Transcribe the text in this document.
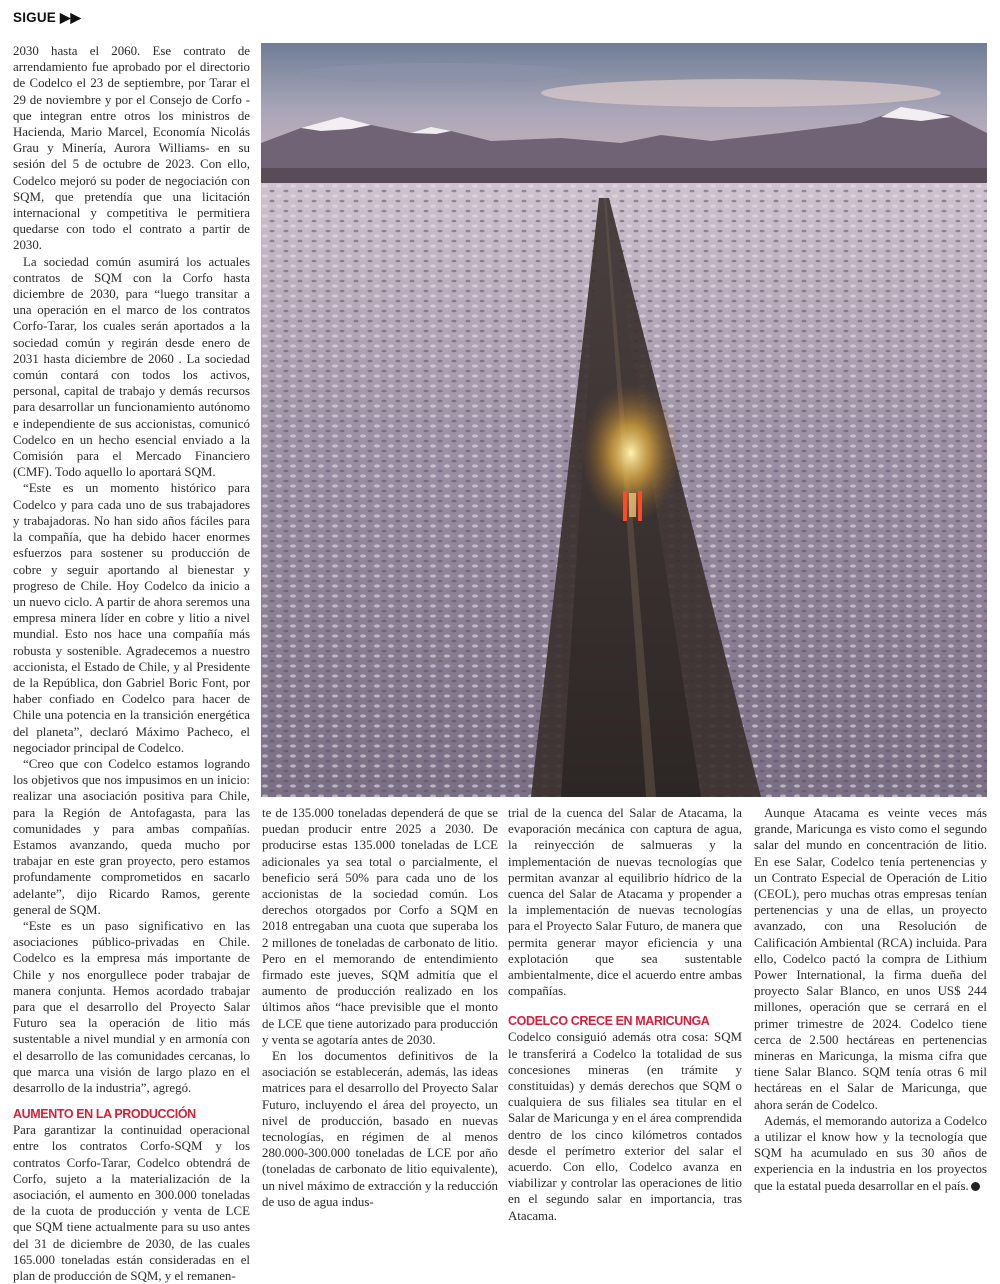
SIGUE ▶▶

2030 hasta el 2060. Ese contrato de arrendamiento fue aprobado por el directorio de Codelco el 23 de septiembre, por Tarar el 29 de noviembre y por el Consejo de Corfo -que integran entre otros los ministros de Hacienda, Mario Marcel, Economía Nicolás Grau y Minería, Aurora Williams- en su sesión del 5 de octubre de 2023. Con ello, Codelco mejoró su poder de negociación con SQM, que pretendía que una licitación internacional y competitiva le permitiera quedarse con todo el contrato a partir de 2030.

La sociedad común asumirá los actuales contratos de SQM con la Corfo hasta diciembre de 2030, para “luego transitar a una operación en el marco de los contratos Corfo-Tarar, los cuales serán aportados a la sociedad común y regirán desde enero de 2031 hasta diciembre de 2060 . La sociedad común contará con todos los activos, personal, capital de trabajo y demás recursos para desarrollar un funcionamiento autónomo e independiente de sus accionistas, comunicó Codelco en un hecho esencial enviado a la Comisión para el Mercado Financiero (CMF). Todo aquello lo aportará SQM.

“Este es un momento histórico para Codelco y para cada uno de sus trabajadores y trabajadoras. No han sido años fáciles para la compañía, que ha debido hacer enormes esfuerzos para sostener su producción de cobre y seguir aportando al bienestar y progreso de Chile. Hoy Codelco da inicio a un nuevo ciclo. A partir de ahora seremos una empresa minera líder en cobre y litio a nivel mundial. Esto nos hace una compañía más robusta y sostenible. Agradecemos a nuestro accionista, el Estado de Chile, y al Presidente de la República, don Gabriel Boric Font, por haber confiado en Codelco para hacer de Chile una potencia en la transición energética del planeta”, declaró Máximo Pacheco, el negociador principal de Codelco.

“Creo que con Codelco estamos logrando los objetivos que nos impusimos en un inicio: realizar una asociación positiva para Chile, para la Región de Antofagasta, para las comunidades y para ambas compañías. Estamos avanzando, queda mucho por trabajar en este gran proyecto, pero estamos profundamente comprometidos en sacarlo adelante”, dijo Ricardo Ramos, gerente general de SQM.

“Este es un paso significativo en las asociaciones público-privadas en Chile. Codelco es la empresa más importante de Chile y nos enorgullece poder trabajar de manera conjunta. Hemos acordado trabajar para que el desarrollo del Proyecto Salar Futuro sea la operación de litio más sustentable a nivel mundial y en armonía con el desarrollo de las comunidades cercanas, lo que marca una visión de largo plazo en el desarrollo de la industria”, agregó.

AUMENTO EN LA PRODUCCIÓN

Para garantizar la continuidad operacional entre los contratos Corfo-SQM y los contratos Corfo-Tarar, Codelco obtendrá de Corfo, sujeto a la materialización de la asociación, el aumento en 300.000 toneladas de la cuota de producción y venta de LCE que SQM tiene actualmente para su uso antes del 31 de diciembre de 2030, de las cuales 165.000 toneladas están consideradas en el plan de producción de SQM, y el remanen-

te de 135.000 toneladas dependerá de que se puedan producir entre 2025 a 2030. De producirse estas 135.000 toneladas de LCE adicionales ya sea total o parcialmente, el beneficio será 50% para cada uno de los accionistas de la sociedad común. Los derechos otorgados por Corfo a SQM en 2018 entregaban una cuota que superaba los 2 millones de toneladas de carbonato de litio. Pero en el memorando de entendimiento firmado este jueves, SQM admitía que el aumento de producción realizado en los últimos años “hace previsible que el monto de LCE que tiene autorizado para producción y venta se agotaría antes de 2030.

En los documentos definitivos de la asociación se establecerán, además, las ideas matrices para el desarrollo del Proyecto Salar Futuro, incluyendo el área del proyecto, un nivel de producción, basado en nuevas tecnologías, en régimen de al menos 280.000-300.000 toneladas de LCE por año (toneladas de carbonato de litio equivalente), un nivel máximo de extracción y la reducción de uso de agua indus-

trial de la cuenca del Salar de Atacama, la evaporación mecánica con captura de agua, la reinyección de salmueras y la implementación de nuevas tecnologías que permitan avanzar al equilibrio hídrico de la cuenca del Salar de Atacama y propender a la implementación de nuevas tecnologías para el Proyecto Salar Futuro, de manera que permita generar mayor eficiencia y una explotación que sea sustentable ambientalmente, dice el acuerdo entre ambas compañías.

CODELCO CRECE EN MARICUNGA

Codelco consiguió además otra cosa: SQM le transferirá a Codelco la totalidad de sus concesiones mineras (en trámite y constituidas) y demás derechos que SQM o cualquiera de sus filiales sea titular en el Salar de Maricunga y en el área comprendida dentro de los cinco kilómetros contados desde el perímetro exterior del salar el acuerdo. Con ello, Codelco avanza en viabilizar y controlar las operaciones de litio en el segundo salar en importancia, tras Atacama.

Aunque Atacama es veinte veces más grande, Maricunga es visto como el segundo salar del mundo en concentración de litio. En ese Salar, Codelco tenía pertenencias y un Contrato Especial de Operación de Litio (CEOL), pero muchas otras empresas tenían pertenencias y una de ellas, un proyecto avanzado, con una Resolución de Calificación Ambiental (RCA) incluida. Para ello, Codelco pactó la compra de Lithium Power International, la firma dueña del proyecto Salar Blanco, en unos US$ 244 millones, operación que se cerrará en el primer trimestre de 2024. Codelco tiene cerca de 2.500 hectáreas en pertenencias mineras en Maricunga, la misma cifra que tiene Salar Blanco. SQM tenía otras 6 mil hectáreas en el Salar de Maricunga, que ahora serán de Codelco.

Además, el memorando autoriza a Codelco a utilizar el know how y la tecnología que SQM ha acumulado en sus 30 años de experiencia en la industria en los proyectos que la estatal pueda desarrollar en el país.
